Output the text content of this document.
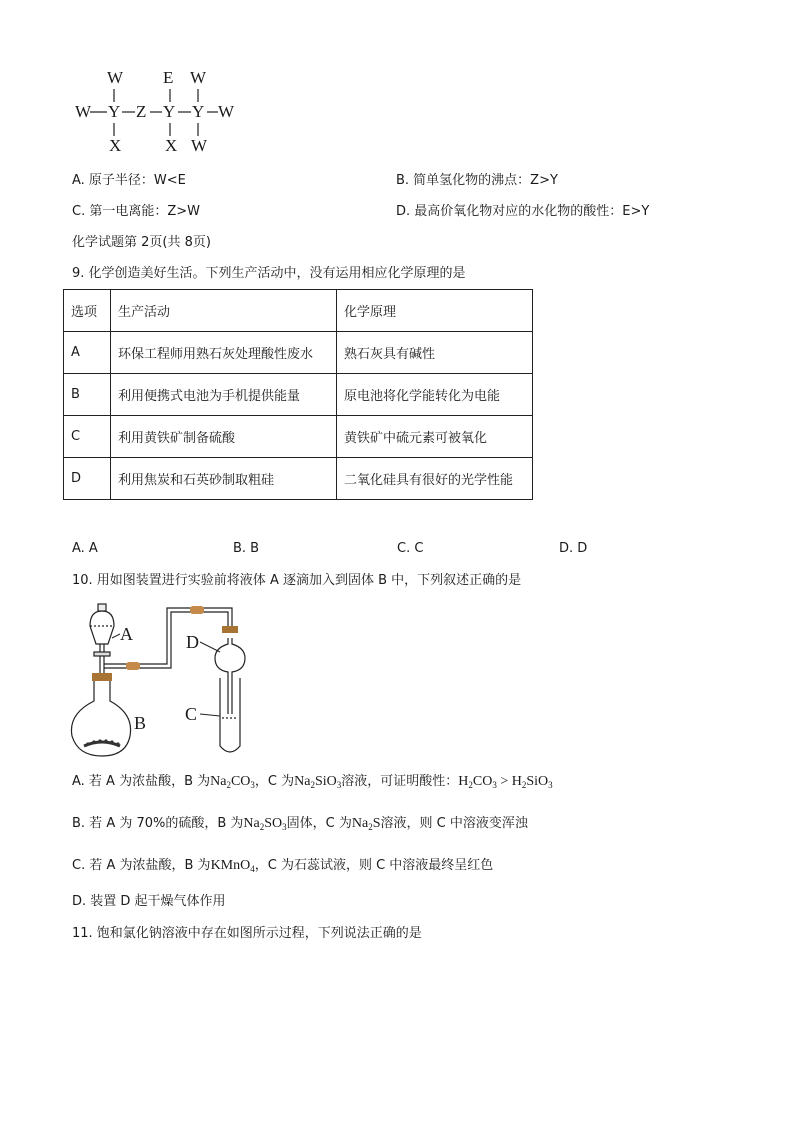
W E W
W Y Z Y Y W
X	X W
A. 原子半径：W<E	B. 简单氢化物的沸点：Z>Y
C. 第一电离能：Z>W	D. 最高价氧化物对应的水化物的酸性：E>Y
化学试题第 2页(共 8页)
9. 化学创造美好生活。下列生产活动中，没有运用相应化学原理的是
选项	生产活动	化学原理
A	环保工程师用熟石灰处理酸性废水	熟石灰具有碱性
B	利用便携式电池为手机提供能量	原电池将化学能转化为电能
C	利用黄铁矿制备硫酸	黄铁矿中硫元素可被氧化
D	利用焦炭和石英砂制取粗硅	二氧化硅具有很好的光学性能
A. A	B. B	C. C	D. D
10. 用如图装置进行实验前将液体 A 逐滴加入到固体 B 中，下列叙述正确的是
A
B C
D
A. 若 A 为浓盐酸，B 为$Na_2CO_3$，C 为$Na_2SiO_3$溶液，可证明酸性：$H_2CO_3 > H_2SiO_3$
B. 若 A 为 70%的硫酸，B 为$Na_2SO_3$固体，C 为$Na_2S$溶液，则 C 中溶液变浑浊
C. 若 A 为浓盐酸，B 为KMnO$_4$，C 为石蕊试液，则 C 中溶液最终呈红色
D. 装置 D 起干燥气体作用
11. 饱和氯化钠溶液中存在如图所示过程，下列说法正确的是
